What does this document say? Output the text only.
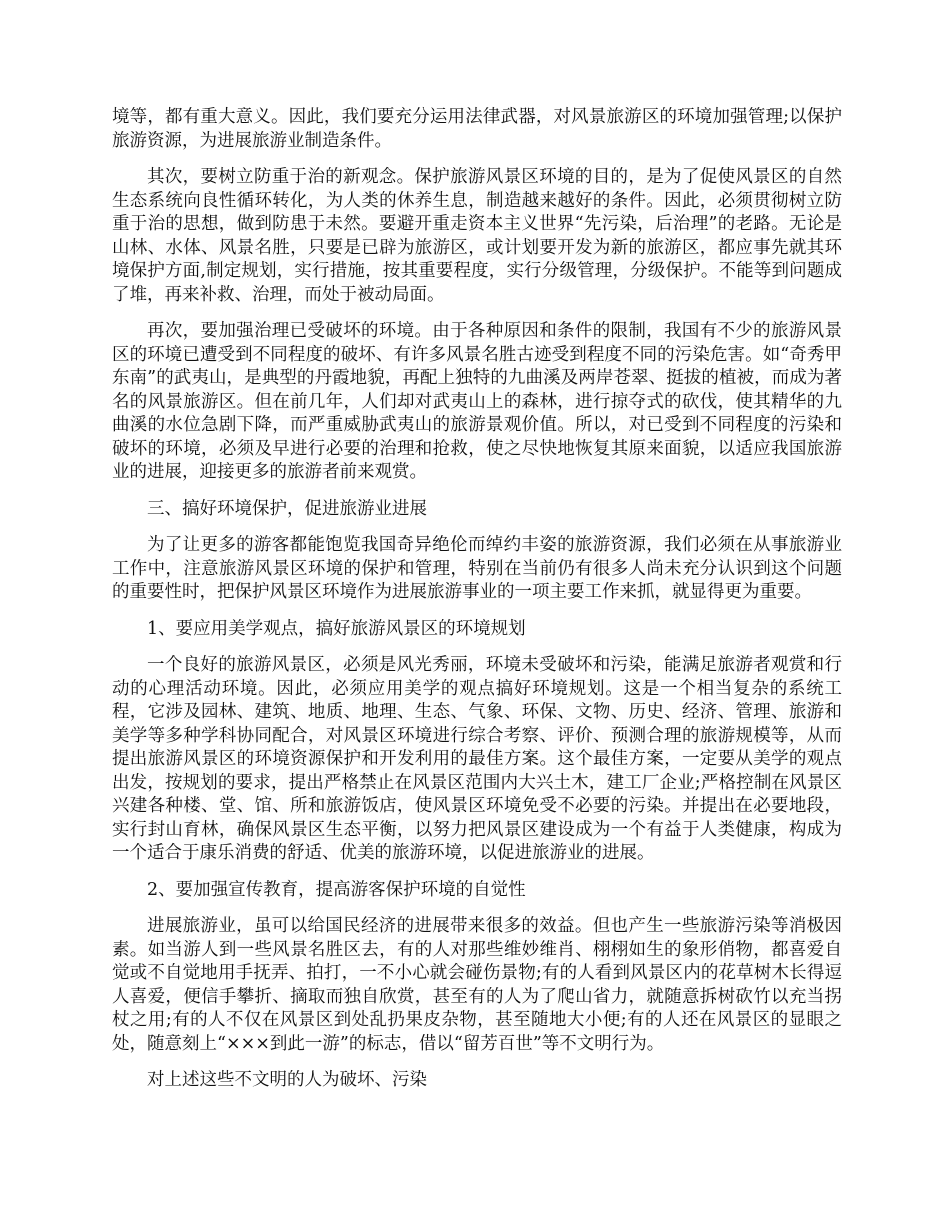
境等，都有重大意义。因此，我们要充分运用法律武器，对风景旅游区的环境加强管理;以保护旅游资源，为进展旅游业制造条件。

其次，要树立防重于治的新观念。保护旅游风景区环境的目的，是为了促使风景区的自然生态系统向良性循环转化，为人类的休养生息，制造越来越好的条件。因此，必须贯彻树立防重于治的思想，做到防患于未然。要避开重走资本主义世界“先污染，后治理”的老路。无论是山林、水体、风景名胜，只要是已辟为旅游区，或计划要开发为新的旅游区，都应事先就其环境保护方面,制定规划，实行措施，按其重要程度，实行分级管理，分级保护。不能等到问题成了堆，再来补救、治理，而处于被动局面。

再次，要加强治理已受破坏的环境。由于各种原因和条件的限制，我国有不少的旅游风景区的环境已遭受到不同程度的破坏、有许多风景名胜古迹受到程度不同的污染危害。如“奇秀甲东南”的武夷山，是典型的丹霞地貌，再配上独特的九曲溪及两岸苍翠、挺拔的植被，而成为著名的风景旅游区。但在前几年，人们却对武夷山上的森林，进行掠夺式的砍伐，使其精华的九曲溪的水位急剧下降，而严重威胁武夷山的旅游景观价值。所以，对已受到不同程度的污染和破坏的环境，必须及早进行必要的治理和抢救，使之尽快地恢复其原来面貌，以适应我国旅游业的进展，迎接更多的旅游者前来观赏。

三、搞好环境保护，促进旅游业进展

为了让更多的游客都能饱览我国奇异绝伦而绰约丰姿的旅游资源，我们必须在从事旅游业工作中，注意旅游风景区环境的保护和管理，特别在当前仍有很多人尚未充分认识到这个问题的重要性时，把保护风景区环境作为进展旅游事业的一项主要工作来抓，就显得更为重要。

1、要应用美学观点，搞好旅游风景区的环境规划

一个良好的旅游风景区，必须是风光秀丽，环境未受破坏和污染，能满足旅游者观赏和行动的心理活动环境。因此，必须应用美学的观点搞好环境规划。这是一个相当复杂的系统工程，它涉及园林、建筑、地质、地理、生态、气象、环保、文物、历史、经济、管理、旅游和美学等多种学科协同配合，对风景区环境进行综合考察、评价、预测合理的旅游规模等，从而提出旅游风景区的环境资源保护和开发利用的最佳方案。这个最佳方案，一定要从美学的观点出发，按规划的要求，提出严格禁止在风景区范围内大兴土木，建工厂企业;严格控制在风景区兴建各种楼、堂、馆、所和旅游饭店，使风景区环境免受不必要的污染。并提出在必要地段，实行封山育林，确保风景区生态平衡，以努力把风景区建设成为一个有益于人类健康，构成为一个适合于康乐消费的舒适、优美的旅游环境，以促进旅游业的进展。

2、要加强宣传教育，提高游客保护环境的自觉性

进展旅游业，虽可以给国民经济的进展带来很多的效益。但也产生一些旅游污染等消极因素。如当游人到一些风景名胜区去，有的人对那些维妙维肖、栩栩如生的象形俏物，都喜爱自觉或不自觉地用手抚弄、拍打，一不小心就会碰伤景物;有的人看到风景区内的花草树木长得逗人喜爱，便信手攀折、摘取而独自欣赏，甚至有的人为了爬山省力，就随意拆树砍竹以充当拐杖之用;有的人不仅在风景区到处乱扔果皮杂物，甚至随地大小便;有的人还在风景区的显眼之处，随意刻上“×××到此一游”的标志，借以“留芳百世”等不文明行为。

对上述这些不文明的人为破坏、污染
